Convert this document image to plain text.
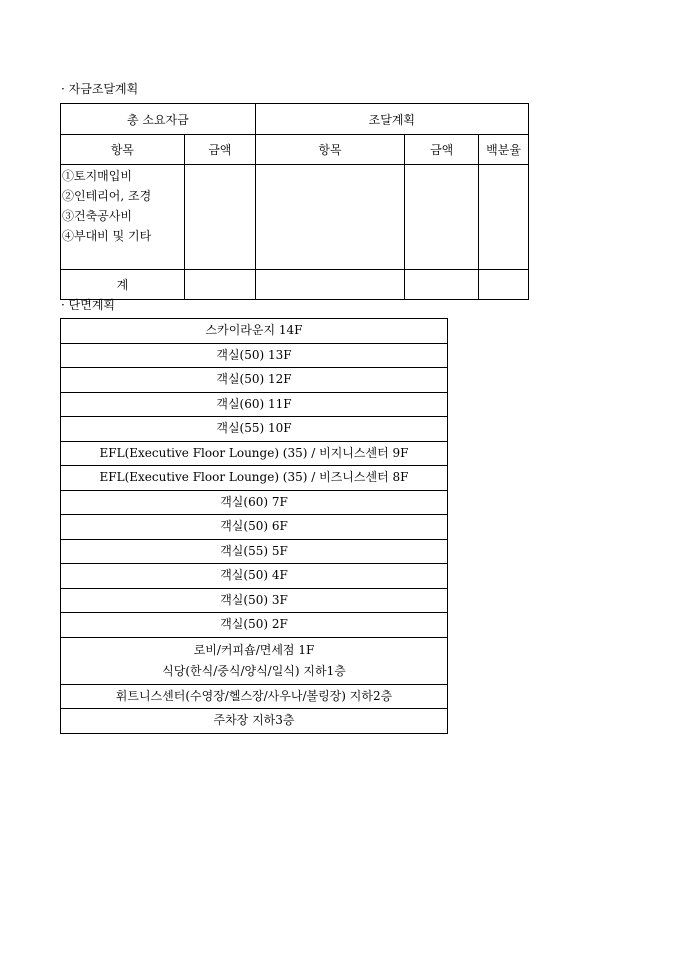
· 자금조달계획
총 소요자금		조달계획		
항목	금액	항목	금액	백분율

①토지매입비
②인테리어, 조경
③건축공사비
④부대비 및 기타				

계				
· 단면계획
스카이라운지 14F
객실(50) 13F
객실(50) 12F
객실(60) 11F
객실(55) 10F
EFL(Executive Floor Lounge) (35) / 비지니스센터 9F
EFL(Executive Floor Lounge) (35) / 비즈니스센터 8F
객실(60) 7F
객실(50) 6F
객실(55) 5F
객실(50) 4F
객실(50) 3F
객실(50) 2F

로비/커피숍/면세점 1F
식당(한식/중식/양식/일식) 지하1층

휘트니스센터(수영장/헬스장/사우나/볼링장) 지하2층
주차장 지하3층
